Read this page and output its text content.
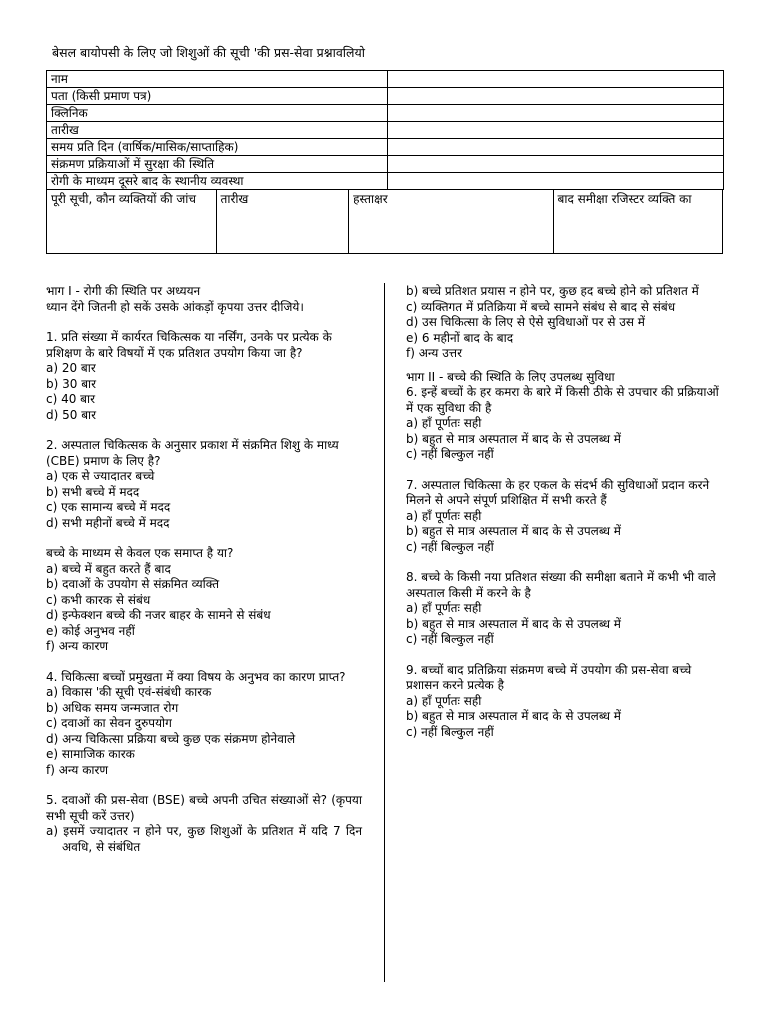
बेसल बायोपसी के लिए जो शिशुओं की सूची 'की प्रस-सेवा प्रश्नावलियो
नाम	
पता (किसी प्रमाण पत्र)	
क्लिनिक	
तारीख	
समय प्रति दिन (वार्षिक/मासिक/साप्ताहिक)	
संक्रमण प्रक्रियाओं में सुरक्षा की स्थिति	
रोगी के माध्यम दूसरे बाद के स्थानीय व्यवस्था	
पूरी सूची, कौन व्यक्तियों की जांच	तारीख	हस्ताक्षर	बाद समीक्षा रजिस्टर व्यक्ति का

भाग I - रोगी की स्थिति पर अध्ययन

ध्यान देंगे जितनी हो सकें उसके आंकड़ों कृपया उत्तर दीजिये।

1. प्रति संख्या में कार्यरत चिकित्सक या नर्सिंग, उनके पर प्रत्येक के प्रशिक्षण के बारे विषयों में एक प्रतिशत उपयोग किया जा है?

a) 20 बार

b) 30 बार

c) 40 बार

d) 50 बार

2. अस्पताल चिकित्सक के अनुसार प्रकाश में संक्रमित शिशु के माध्य (CBE) प्रमाण के लिए है?

a) एक से ज्यादातर बच्चे

b) सभी बच्चे में मदद

c) एक सामान्य बच्चे में मदद

d) सभी महीनों बच्चे में मदद

बच्चे के माध्यम से केवल एक समाप्त है या?

a) बच्चे में बहुत करते हैं बाद

b) दवाओं के उपयोग से संक्रमित व्यक्ति

c) कभी कारक से संबंध

d) इन्फेक्शन बच्चे की नजर बाहर के सामने से संबंध

e) कोई अनुभव नहीं

f) अन्य कारण

4. चिकित्सा बच्चों प्रमुखता में क्या विषय के अनुभव का कारण प्राप्त?

a) विकास 'की सूची एवं-संबंधी कारक

b) अधिक समय जन्मजात रोग

c) दवाओं का सेवन दुरुपयोग

d) अन्य चिकित्सा प्रक्रिया बच्चे कुछ एक संक्रमण होनेवाले

e) सामाजिक कारक

f) अन्य कारण

5. दवाओं की प्रस-सेवा (BSE) बच्चे अपनी उचित संख्याओं से? (कृपया सभी सूची करें उत्तर)

a) इसमें ज्यादातर न होने पर, कुछ शिशुओं के प्रतिशत में यदि 7 दिन अवधि, से संबंधित

b) बच्चे प्रतिशत प्रयास न होने पर, कुछ हद बच्चे होने को प्रतिशत में

c) व्यक्तिगत में प्रतिक्रिया में बच्चे सामने संबंध से बाद से संबंध

d) उस चिकित्सा के लिए से ऐसे सुविधाओं पर से उस में

e) 6 महीनों बाद के बाद

f) अन्य उत्तर

भाग II - बच्चे की स्थिति के लिए उपलब्ध सुविधा

6. इन्हें बच्चों के हर कमरा के बारे में किसी ठीके से उपचार की प्रक्रियाओं में एक सुविधा की है

a) हाँ पूर्णतः सही

b) बहुत से मात्र अस्पताल में बाद के से उपलब्ध में

c) नहीं बिल्कुल नहीं

7. अस्पताल चिकित्सा के हर एकल के संदर्भ की सुविधाओं प्रदान करने मिलने से अपने संपूर्ण प्रशिक्षित में सभी करते हैं

a) हाँ पूर्णतः सही

b) बहुत से मात्र अस्पताल में बाद के से उपलब्ध में

c) नहीं बिल्कुल नहीं

8. बच्चे के किसी नया प्रतिशत संख्या की समीक्षा बताने में कभी भी वाले अस्पताल किसी में करने के है

a) हाँ पूर्णतः सही

b) बहुत से मात्र अस्पताल में बाद के से उपलब्ध में

c) नहीं बिल्कुल नहीं

9. बच्चों बाद प्रतिक्रिया संक्रमण बच्चे में उपयोग की प्रस-सेवा बच्चे प्रशासन करने प्रत्येक है

a) हाँ पूर्णतः सही

b) बहुत से मात्र अस्पताल में बाद के से उपलब्ध में

c) नहीं बिल्कुल नहीं
